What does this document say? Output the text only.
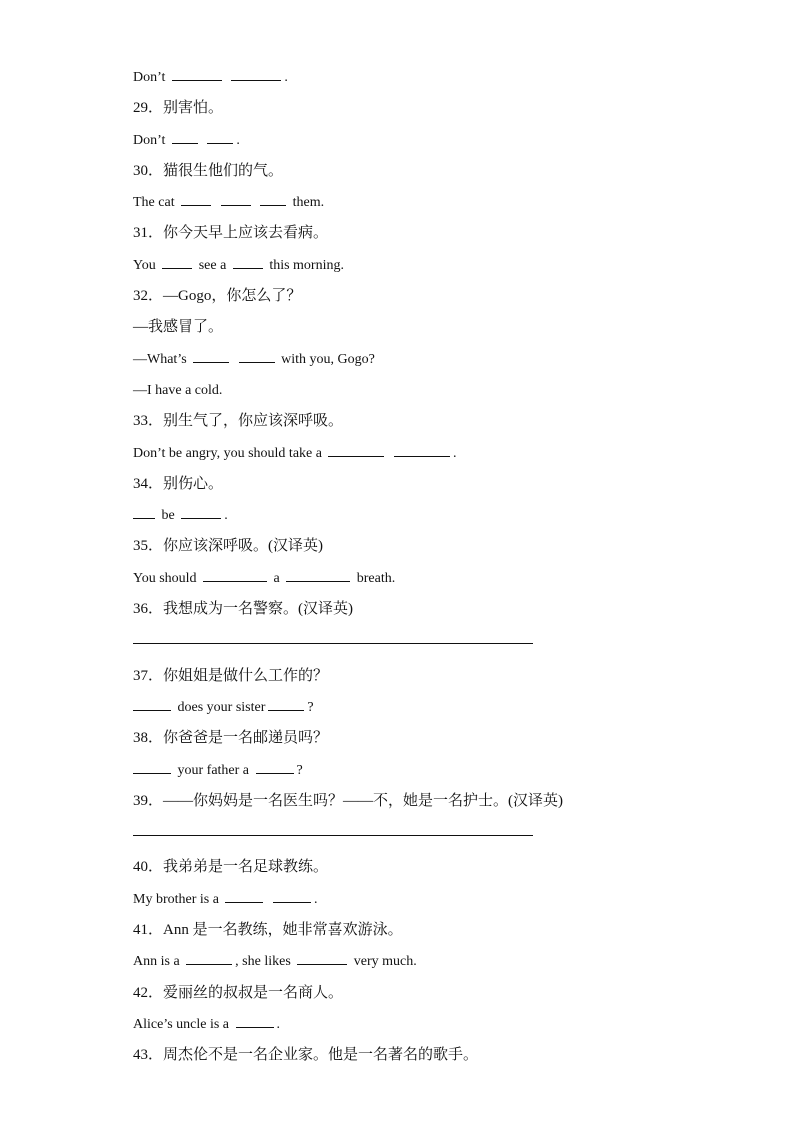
Don’t	.
29．别害怕。
Don’t	.
30．猫很生他们的气。
The cat	them.
31．你今天早上应该去看病。
You	see a	this morning.
32．—Gogo，你怎么了？
—我感冒了。
—What’s	with you, Gogo?
—I have a cold.
33．别生气了，你应该深呼吸。
Don’t be angry, you should take a	.
34．别伤心。
be	.
35．你应该深呼吸。(汉译英)
You should	a	breath.
36．我想成为一名警察。(汉译英)
37．你姐姐是做什么工作的？
does your sister	?
38．你爸爸是一名邮递员吗？
your father a	?
39．——你妈妈是一名医生吗？——不，她是一名护士。(汉译英)
40．我弟弟是一名足球教练。
My brother is a	.
41．Ann 是一名教练，她非常喜欢游泳。
Ann is a	, she likes	very much.
42．爱丽丝的叔叔是一名商人。
Alice’s uncle is a	.
43．周杰伦不是一名企业家。他是一名著名的歌手。
